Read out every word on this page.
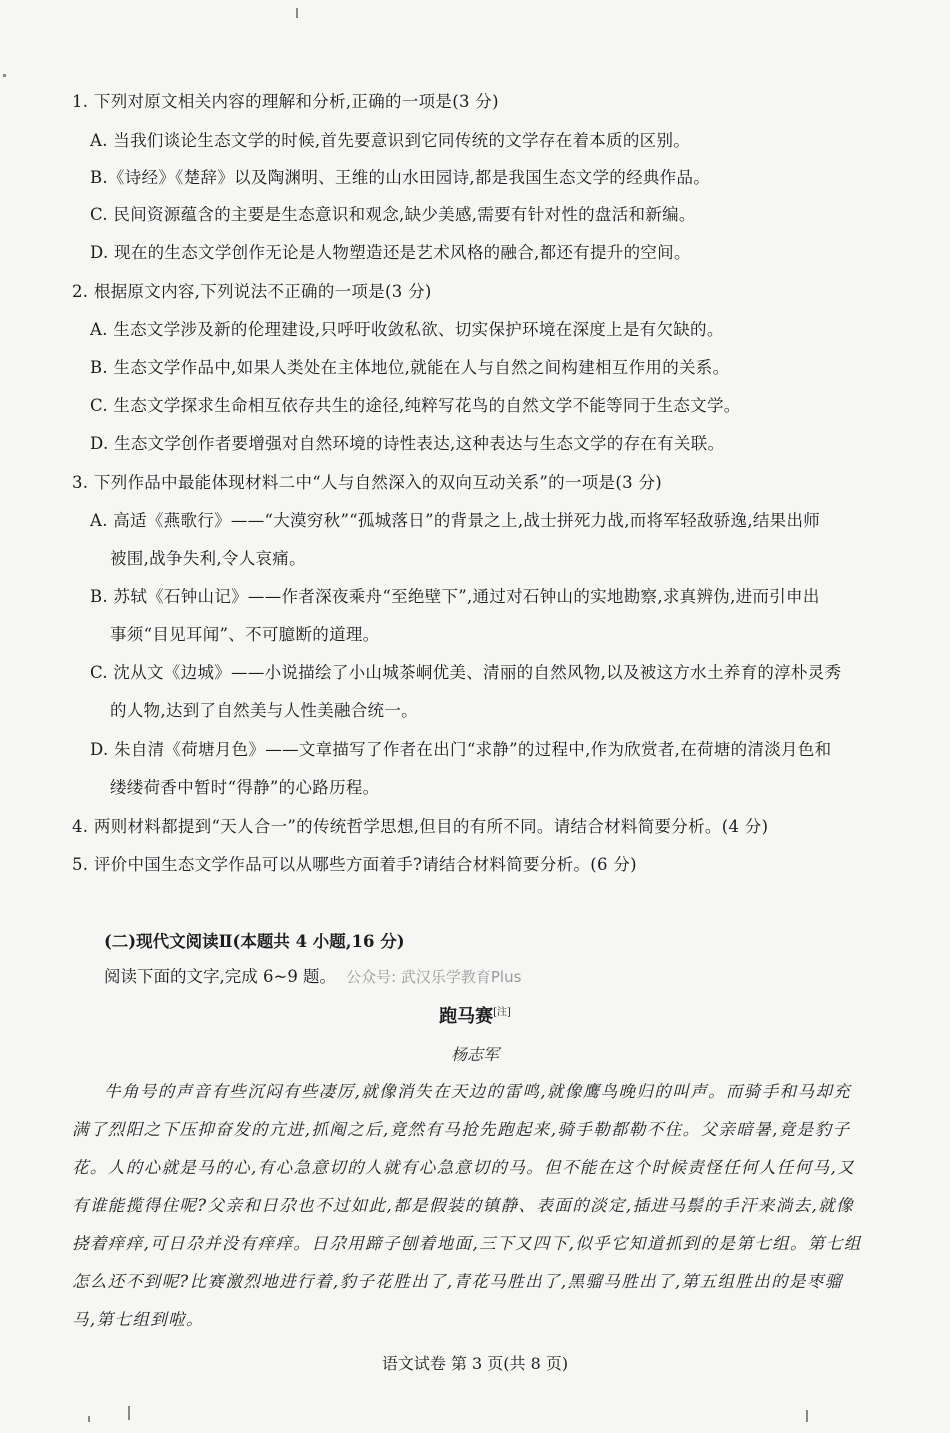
1. 下列对原文相关内容的理解和分析,正确的一项是(3 分)
A. 当我们谈论生态文学的时候,首先要意识到它同传统的文学存在着本质的区别。
B.《诗经》《楚辞》以及陶渊明、王维的山水田园诗,都是我国生态文学的经典作品。
C. 民间资源蕴含的主要是生态意识和观念,缺少美感,需要有针对性的盘活和新编。
D. 现在的生态文学创作无论是人物塑造还是艺术风格的融合,都还有提升的空间。
2. 根据原文内容,下列说法不正确的一项是(3 分)
A. 生态文学涉及新的伦理建设,只呼吁收敛私欲、切实保护环境在深度上是有欠缺的。
B. 生态文学作品中,如果人类处在主体地位,就能在人与自然之间构建相互作用的关系。
C. 生态文学探求生命相互依存共生的途径,纯粹写花鸟的自然文学不能等同于生态文学。
D. 生态文学创作者要增强对自然环境的诗性表达,这种表达与生态文学的存在有关联。
3. 下列作品中最能体现材料二中“人与自然深入的双向互动关系”的一项是(3 分)
A. 高适《燕歌行》——“大漠穷秋”“孤城落日”的背景之上,战士拼死力战,而将军轻敌骄逸,结果出师
被围,战争失利,令人哀痛。
B. 苏轼《石钟山记》——作者深夜乘舟“至绝壁下”,通过对石钟山的实地勘察,求真辨伪,进而引申出
事须“目见耳闻”、不可臆断的道理。
C. 沈从文《边城》——小说描绘了小山城茶峒优美、清丽的自然风物,以及被这方水土养育的淳朴灵秀
的人物,达到了自然美与人性美融合统一。
D. 朱自清《荷塘月色》——文章描写了作者在出门“求静”的过程中,作为欣赏者,在荷塘的清淡月色和
缕缕荷香中暂时“得静”的心路历程。
4. 两则材料都提到“天人合一”的传统哲学思想,但目的有所不同。请结合材料简要分析。(4 分)
5. 评价中国生态文学作品可以从哪些方面着手?请结合材料简要分析。(6 分)
(二)现代文阅读Ⅱ(本题共 4 小题,16 分)
阅读下面的文字,完成 6~9 题。 公众号: 武汉乐学教育Plus
跑马赛[注]
杨志军
牛角号的声音有些沉闷有些凄厉,就像消失在天边的雷鸣,就像鹰鸟晚归的叫声。而骑手和马却充
满了烈阳之下压抑奋发的亢进,抓阄之后,竟然有马抢先跑起来,骑手勒都勒不住。父亲暗暑,竟是豹子
花。人的心就是马的心,有心急意切的人就有心急意切的马。但不能在这个时候责怪任何人任何马,又
有谁能揽得住呢?父亲和日尕也不过如此,都是假装的镇静、表面的淡定,插进马鬃的手汗来淌去,就像
挠着痒痒,可日尕并没有痒痒。日尕用蹄子刨着地面,三下又四下,似乎它知道抓到的是第七组。第七组
怎么还不到呢?比赛激烈地进行着,豹子花胜出了,青花马胜出了,黑骝马胜出了,第五组胜出的是枣骝
马,第七组到啦。
语文试卷 第 3 页(共 8 页)
